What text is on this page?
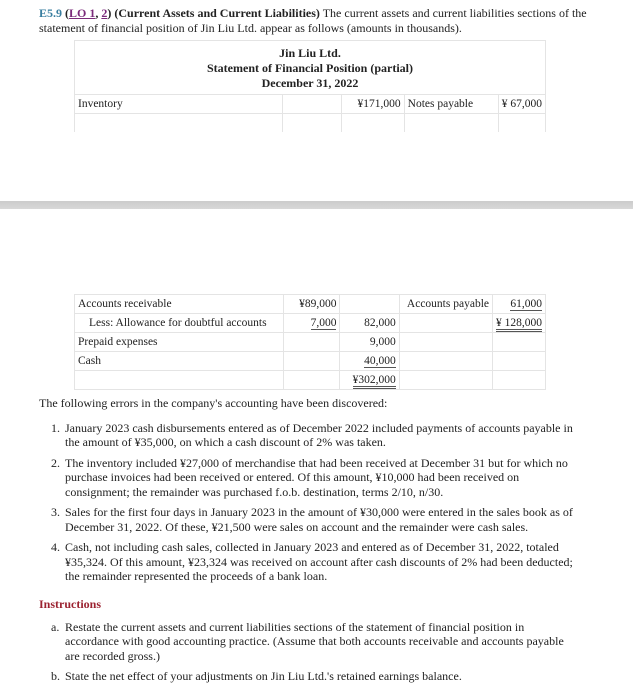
E5.9 (LO 1, 2) (Current Assets and Current Liabilities) The current assets and current liabilities sections of the statement of financial position of Jin Liu Ltd. appear as follows (amounts in thousands).
Jin Liu Ltd.
Statement of Financial Position (partial)
December 31, 2022				

Inventory		¥171,000	Notes payable	¥ 67,000

Accounts receivable	¥89,000		Accounts payable	61,000
Less: Allowance for doubtful accounts	7,000	82,000		¥ 128,000
Prepaid expenses		9,000		
Cash		40,000		
		¥302,000		
The following errors in the company's accounting have been discovered:
1. January 2023 cash disbursements entered as of December 2022 included payments of accounts payable in the amount of ¥35,000, on which a cash discount of 2% was taken.
2. The inventory included ¥27,000 of merchandise that had been received at December 31 but for which no purchase invoices had been received or entered. Of this amount, ¥10,000 had been received on consignment; the remainder was purchased f.o.b. destination, terms 2/10, n/30.
3. Sales for the first four days in January 2023 in the amount of ¥30,000 were entered in the sales book as of December 31, 2022. Of these, ¥21,500 were sales on account and the remainder were cash sales.
4. Cash, not including cash sales, collected in January 2023 and entered as of December 31, 2022, totaled ¥35,324. Of this amount, ¥23,324 was received on account after cash discounts of 2% had been deducted; the remainder represented the proceeds of a bank loan.
Instructions
a. Restate the current assets and current liabilities sections of the statement of financial position in accordance with good accounting practice. (Assume that both accounts receivable and accounts payable are recorded gross.)
b. State the net effect of your adjustments on Jin Liu Ltd.'s retained earnings balance.
